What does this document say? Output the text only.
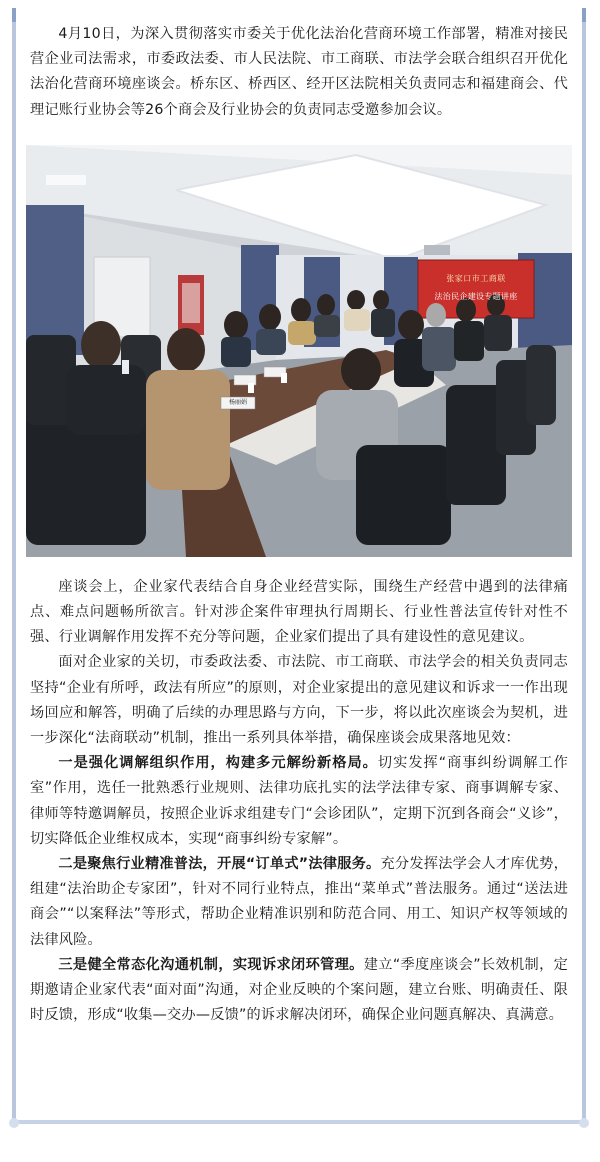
4月10日，为深入贯彻落实市委关于优化法治化营商环境工作部署，精准对接民营企业司法需求，市委政法委、市人民法院、市工商联、市法学会联合组织召开优化法治化营商环境座谈会。桥东区、桥西区、经开区法院相关负责同志和福建商会、代理记账行业协会等26个商会及行业协会的负责同志受邀参加会议。

张家口市工商联
法治民企建设专题讲座
杨丽娟

座谈会上，企业家代表结合自身企业经营实际，围绕生产经营中遇到的法律痛点、难点问题畅所欲言。针对涉企案件审理执行周期长、行业性普法宣传针对性不强、行业调解作用发挥不充分等问题，企业家们提出了具有建设性的意见建议。

面对企业家的关切，市委政法委、市法院、市工商联、市法学会的相关负责同志坚持“企业有所呼，政法有所应”的原则，对企业家提出的意见建议和诉求一一作出现场回应和解答，明确了后续的办理思路与方向，下一步，将以此次座谈会为契机，进一步深化“法商联动”机制，推出一系列具体举措，确保座谈会成果落地见效：

一是强化调解组织作用，构建多元解纷新格局。切实发挥“商事纠纷调解工作室”作用，选任一批熟悉行业规则、法律功底扎实的法学法律专家、商事调解专家、律师等特邀调解员，按照企业诉求组建专门“会诊团队”，定期下沉到各商会“义诊”，切实降低企业维权成本，实现“商事纠纷专家解”。

二是聚焦行业精准普法，开展“订单式”法律服务。充分发挥法学会人才库优势，组建“法治助企专家团”，针对不同行业特点，推出“菜单式”普法服务。通过“送法进商会”“以案释法”等形式，帮助企业精准识别和防范合同、用工、知识产权等领域的法律风险。

三是健全常态化沟通机制，实现诉求闭环管理。建立“季度座谈会”长效机制，定期邀请企业家代表“面对面”沟通，对企业反映的个案问题，建立台账、明确责任、限时反馈，形成“收集—交办—反馈”的诉求解决闭环，确保企业问题真解决、真满意。
